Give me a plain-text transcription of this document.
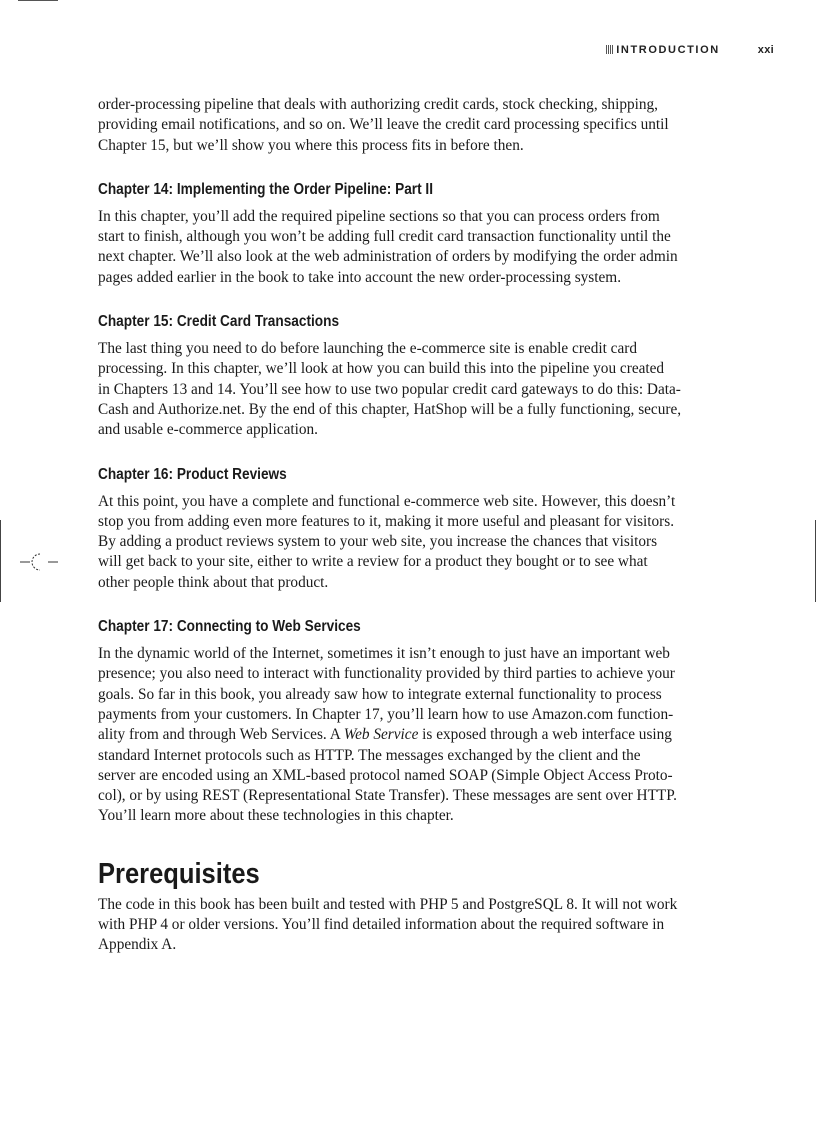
INTRODUCTION	xxi

order-processing pipeline that deals with authorizing credit cards, stock checking, shipping,
providing email notifications, and so on. We’ll leave the credit card processing specifics until
Chapter 15, but we’ll show you where this process fits in before then.

Chapter 14: Implementing the Order Pipeline: Part II

In this chapter, you’ll add the required pipeline sections so that you can process orders from
start to finish, although you won’t be adding full credit card transaction functionality until the
next chapter. We’ll also look at the web administration of orders by modifying the order admin
pages added earlier in the book to take into account the new order-processing system.

Chapter 15: Credit Card Transactions

The last thing you need to do before launching the e-commerce site is enable credit card
processing. In this chapter, we’ll look at how you can build this into the pipeline you created
in Chapters 13 and 14. You’ll see how to use two popular credit card gateways to do this: Data-
Cash and Authorize.net. By the end of this chapter, HatShop will be a fully functioning, secure,
and usable e-commerce application.

Chapter 16: Product Reviews

At this point, you have a complete and functional e-commerce web site. However, this doesn’t
stop you from adding even more features to it, making it more useful and pleasant for visitors.
By adding a product reviews system to your web site, you increase the chances that visitors
will get back to your site, either to write a review for a product they bought or to see what
other people think about that product.

Chapter 17: Connecting to Web Services

In the dynamic world of the Internet, sometimes it isn’t enough to just have an important web
presence; you also need to interact with functionality provided by third parties to achieve your
goals. So far in this book, you already saw how to integrate external functionality to process
payments from your customers. In Chapter 17, you’ll learn how to use Amazon.com function-
ality from and through Web Services. A Web Service is exposed through a web interface using
standard Internet protocols such as HTTP. The messages exchanged by the client and the
server are encoded using an XML-based protocol named SOAP (Simple Object Access Proto-
col), or by using REST (Representational State Transfer). These messages are sent over HTTP.
You’ll learn more about these technologies in this chapter.

Prerequisites

The code in this book has been built and tested with PHP 5 and PostgreSQL 8. It will not work
with PHP 4 or older versions. You’ll find detailed information about the required software in
Appendix A.
